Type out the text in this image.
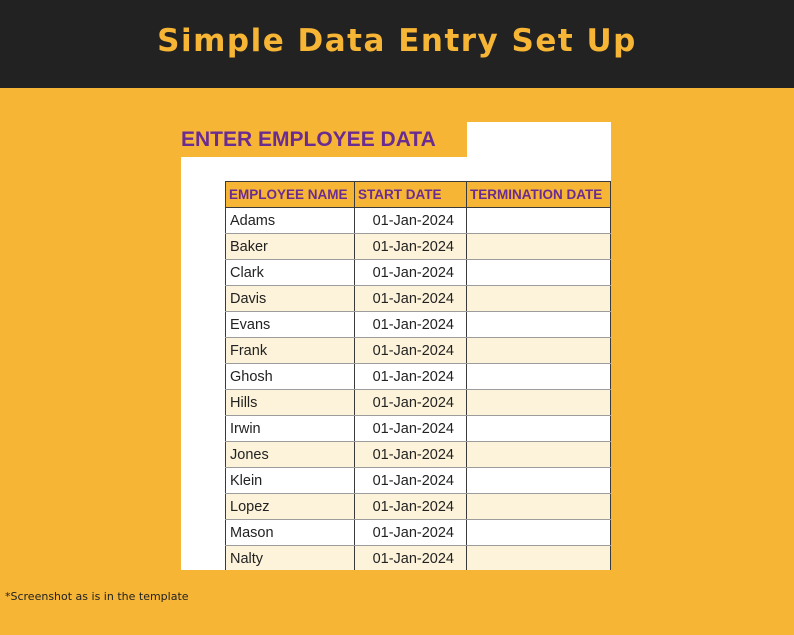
Simple Data Entry Set Up
ENTER EMPLOYEE DATA
EMPLOYEE NAME	START DATE	TERMINATION DATE
Adams	01-Jan-2024	
Baker	01-Jan-2024	
Clark	01-Jan-2024	
Davis	01-Jan-2024	
Evans	01-Jan-2024	
Frank	01-Jan-2024	
Ghosh	01-Jan-2024	
Hills	01-Jan-2024	
Irwin	01-Jan-2024	
Jones	01-Jan-2024	
Klein	01-Jan-2024	
Lopez	01-Jan-2024	
Mason	01-Jan-2024	
Nalty	01-Jan-2024	
*Screenshot as is in the template
